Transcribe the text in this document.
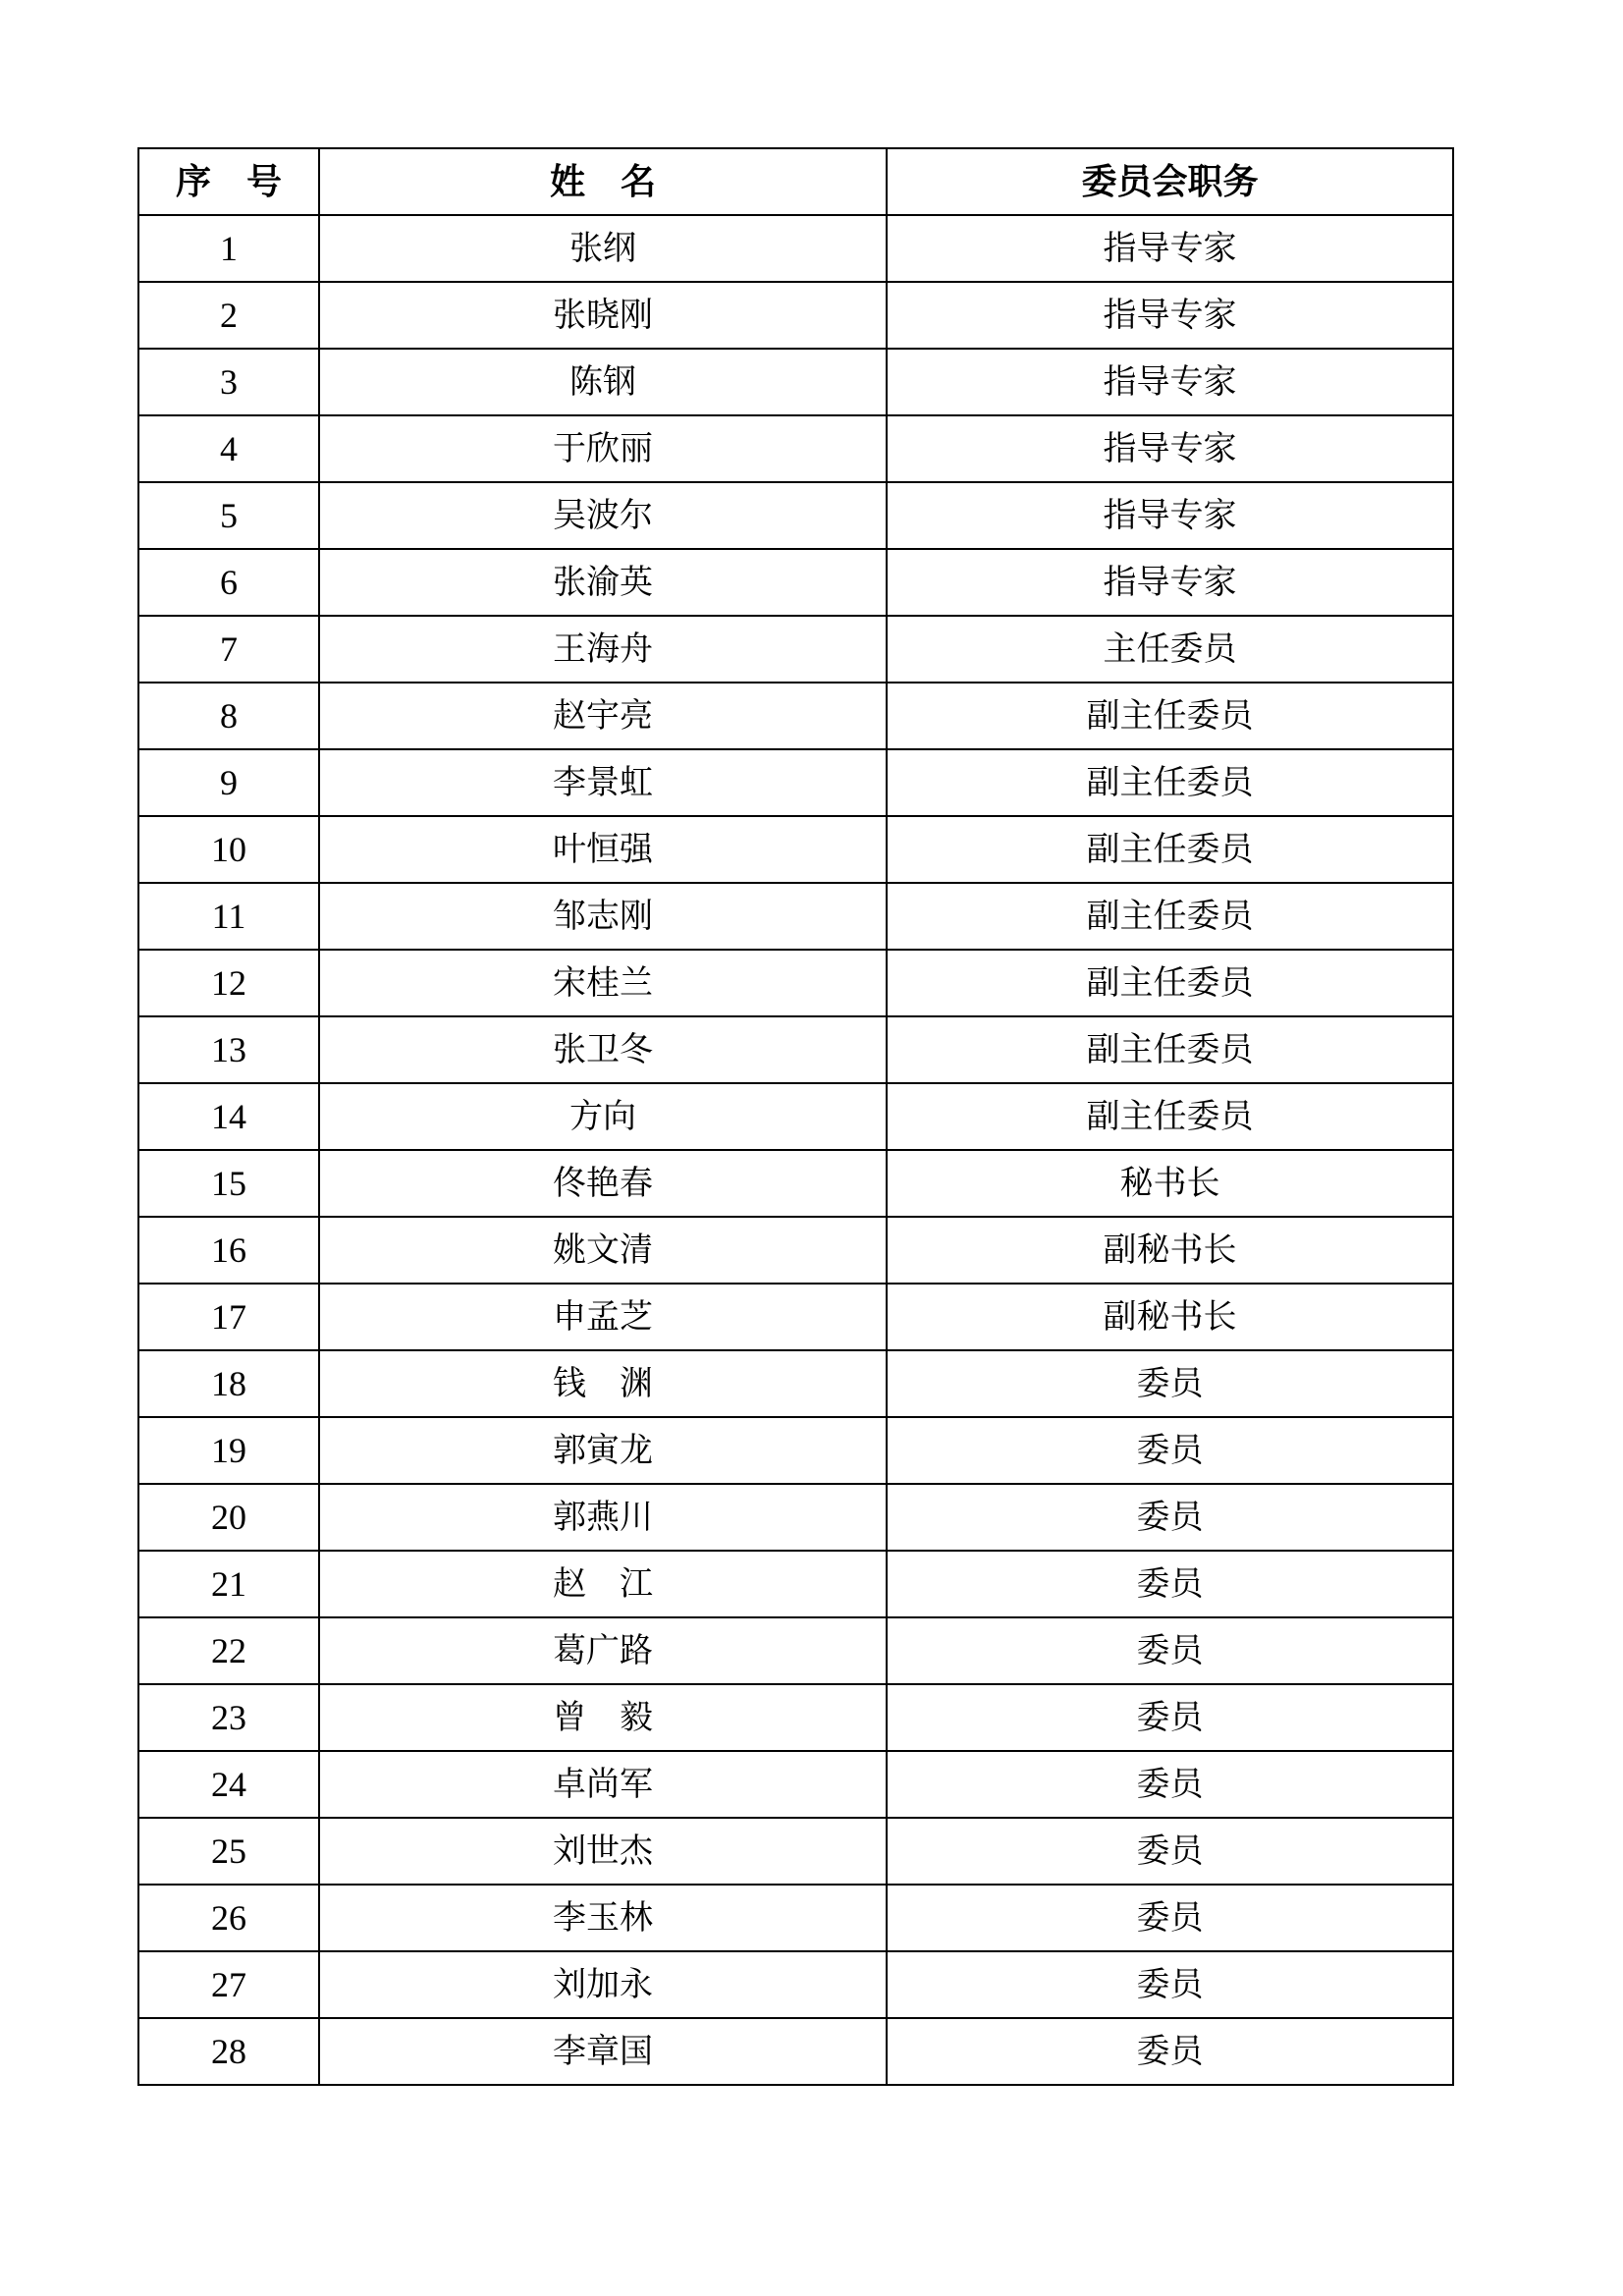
序　号	姓　名	委员会职务
1	张纲	指导专家
2	张晓刚	指导专家
3	陈钢	指导专家
4	于欣丽	指导专家
5	吴波尔	指导专家
6	张渝英	指导专家
7	王海舟	主任委员
8	赵宇亮	副主任委员
9	李景虹	副主任委员
10	叶恒强	副主任委员
11	邹志刚	副主任委员
12	宋桂兰	副主任委员
13	张卫冬	副主任委员
14	方向	副主任委员
15	佟艳春	秘书长
16	姚文清	副秘书长
17	申孟芝	副秘书长
18	钱　渊	委员
19	郭寅龙	委员
20	郭燕川	委员
21	赵　江	委员
22	葛广路	委员
23	曾　毅	委员
24	卓尚军	委员
25	刘世杰	委员
26	李玉林	委员
27	刘加永	委员
28	李章国	委员
